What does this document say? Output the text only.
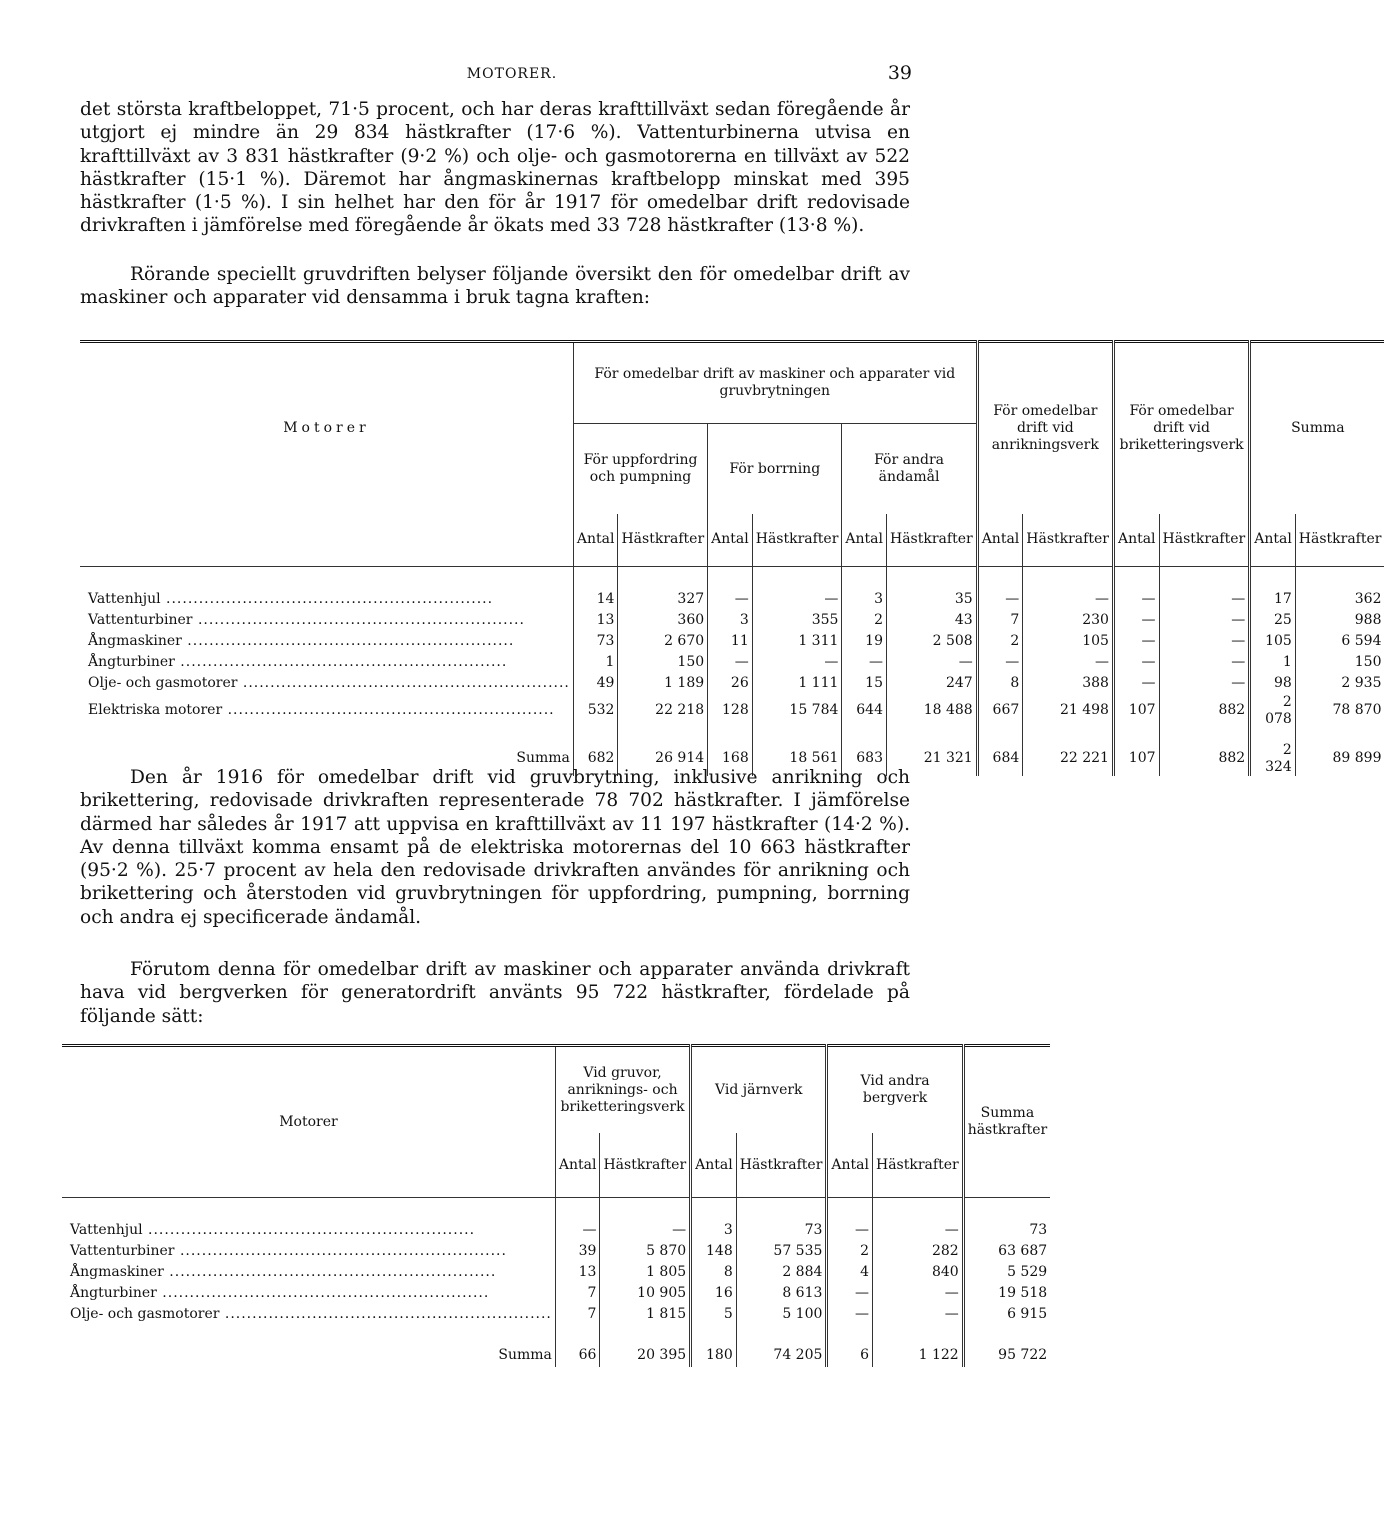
MOTORER.	39

det största kraftbeloppet, 71·5 procent, och har deras krafttillväxt sedan föregående år utgjort ej mindre än 29 834 hästkrafter (17·6 %). Vattenturbinerna utvisa en krafttillväxt av 3 831 hästkrafter (9·2 %) och olje- och gasmotorerna en tillväxt av 522 hästkrafter (15·1 %). Däremot har ångmaskinernas kraftbelopp minskat med 395 hästkrafter (1·5 %). I sin helhet har den för år 1917 för omedelbar drift redovisade drivkraften i jämförelse med föregående år ökats med 33 728 hästkrafter (13·8 %).

Rörande speciellt gruvdriften belyser följande översikt den för omedelbar drift av maskiner och apparater vid densamma i bruk tagna kraften:

Motorer	För omedelbar drift av maskiner och apparater vid gruvbrytningen						För omedelbar drift vid anrikningsverk		För omedelbar drift vid briketteringsverk		Summa	
	För uppfordring och pumpning		För borrning		För andra ändamål							
	Antal	Hästkrafter	Antal	Hästkrafter	Antal	Hästkrafter	Antal	Hästkrafter	Antal	Hästkrafter	Antal	Hästkrafter

Vattenhjul .....	14	327	—	—	3	35	—	—	—	—	17	362
Vattenturbiner .....	13	360	3	355	2	43	7	230	—	—	25	988
Ångmaskiner .....	73	2 670	11	1 311	19	2 508	2	105	—	—	105	6 594
Ångturbiner .....	1	150	—	—	—	—	—	—	—	—	1	150
Olje- och gasmotorer .....	49	1 189	26	1 111	15	247	8	388	—	—	98	2 935
Elektriska motorer .....	532	22 218	128	15 784	644	18 488	667	21 498	107	882	2 078	78 870

Summa	682	26 914	168	18 561	683	21 321	684	22 221	107	882	2 324	89 899

Den år 1916 för omedelbar drift vid gruvbrytning, inklusive anrikning och brikettering, redovisade drivkraften representerade 78 702 hästkrafter. I jämförelse därmed har således år 1917 att uppvisa en krafttillväxt av 11 197 hästkrafter (14·2 %). Av denna tillväxt komma ensamt på de elektriska motorernas del 10 663 hästkrafter (95·2 %). 25·7 procent av hela den redovisade drivkraften användes för anrikning och brikettering och återstoden vid gruvbrytningen för uppfordring, pumpning, borrning och andra ej specificerade ändamål.

Förutom denna för omedelbar drift av maskiner och apparater använda drivkraft hava vid bergverken för generatordrift använts 95 722 hästkrafter, fördelade på följande sätt:

Motorer	Vid gruvor, anriknings- och briketteringsverk		Vid järnverk		Vid andra bergverk		Summa hästkrafter
	Antal	Hästkrafter	Antal	Hästkrafter	Antal	Hästkrafter	

Vattenhjul .....	—	—	3	73	—	—	73
Vattenturbiner .....	39	5 870	148	57 535	2	282	63 687
Ångmaskiner .....	13	1 805	8	2 884	4	840	5 529
Ångturbiner .....	7	10 905	16	8 613	—	—	19 518
Olje- och gasmotorer .....	7	1 815	5	5 100	—	—	6 915

Summa	66	20 395	180	74 205	6	1 122	95 722
